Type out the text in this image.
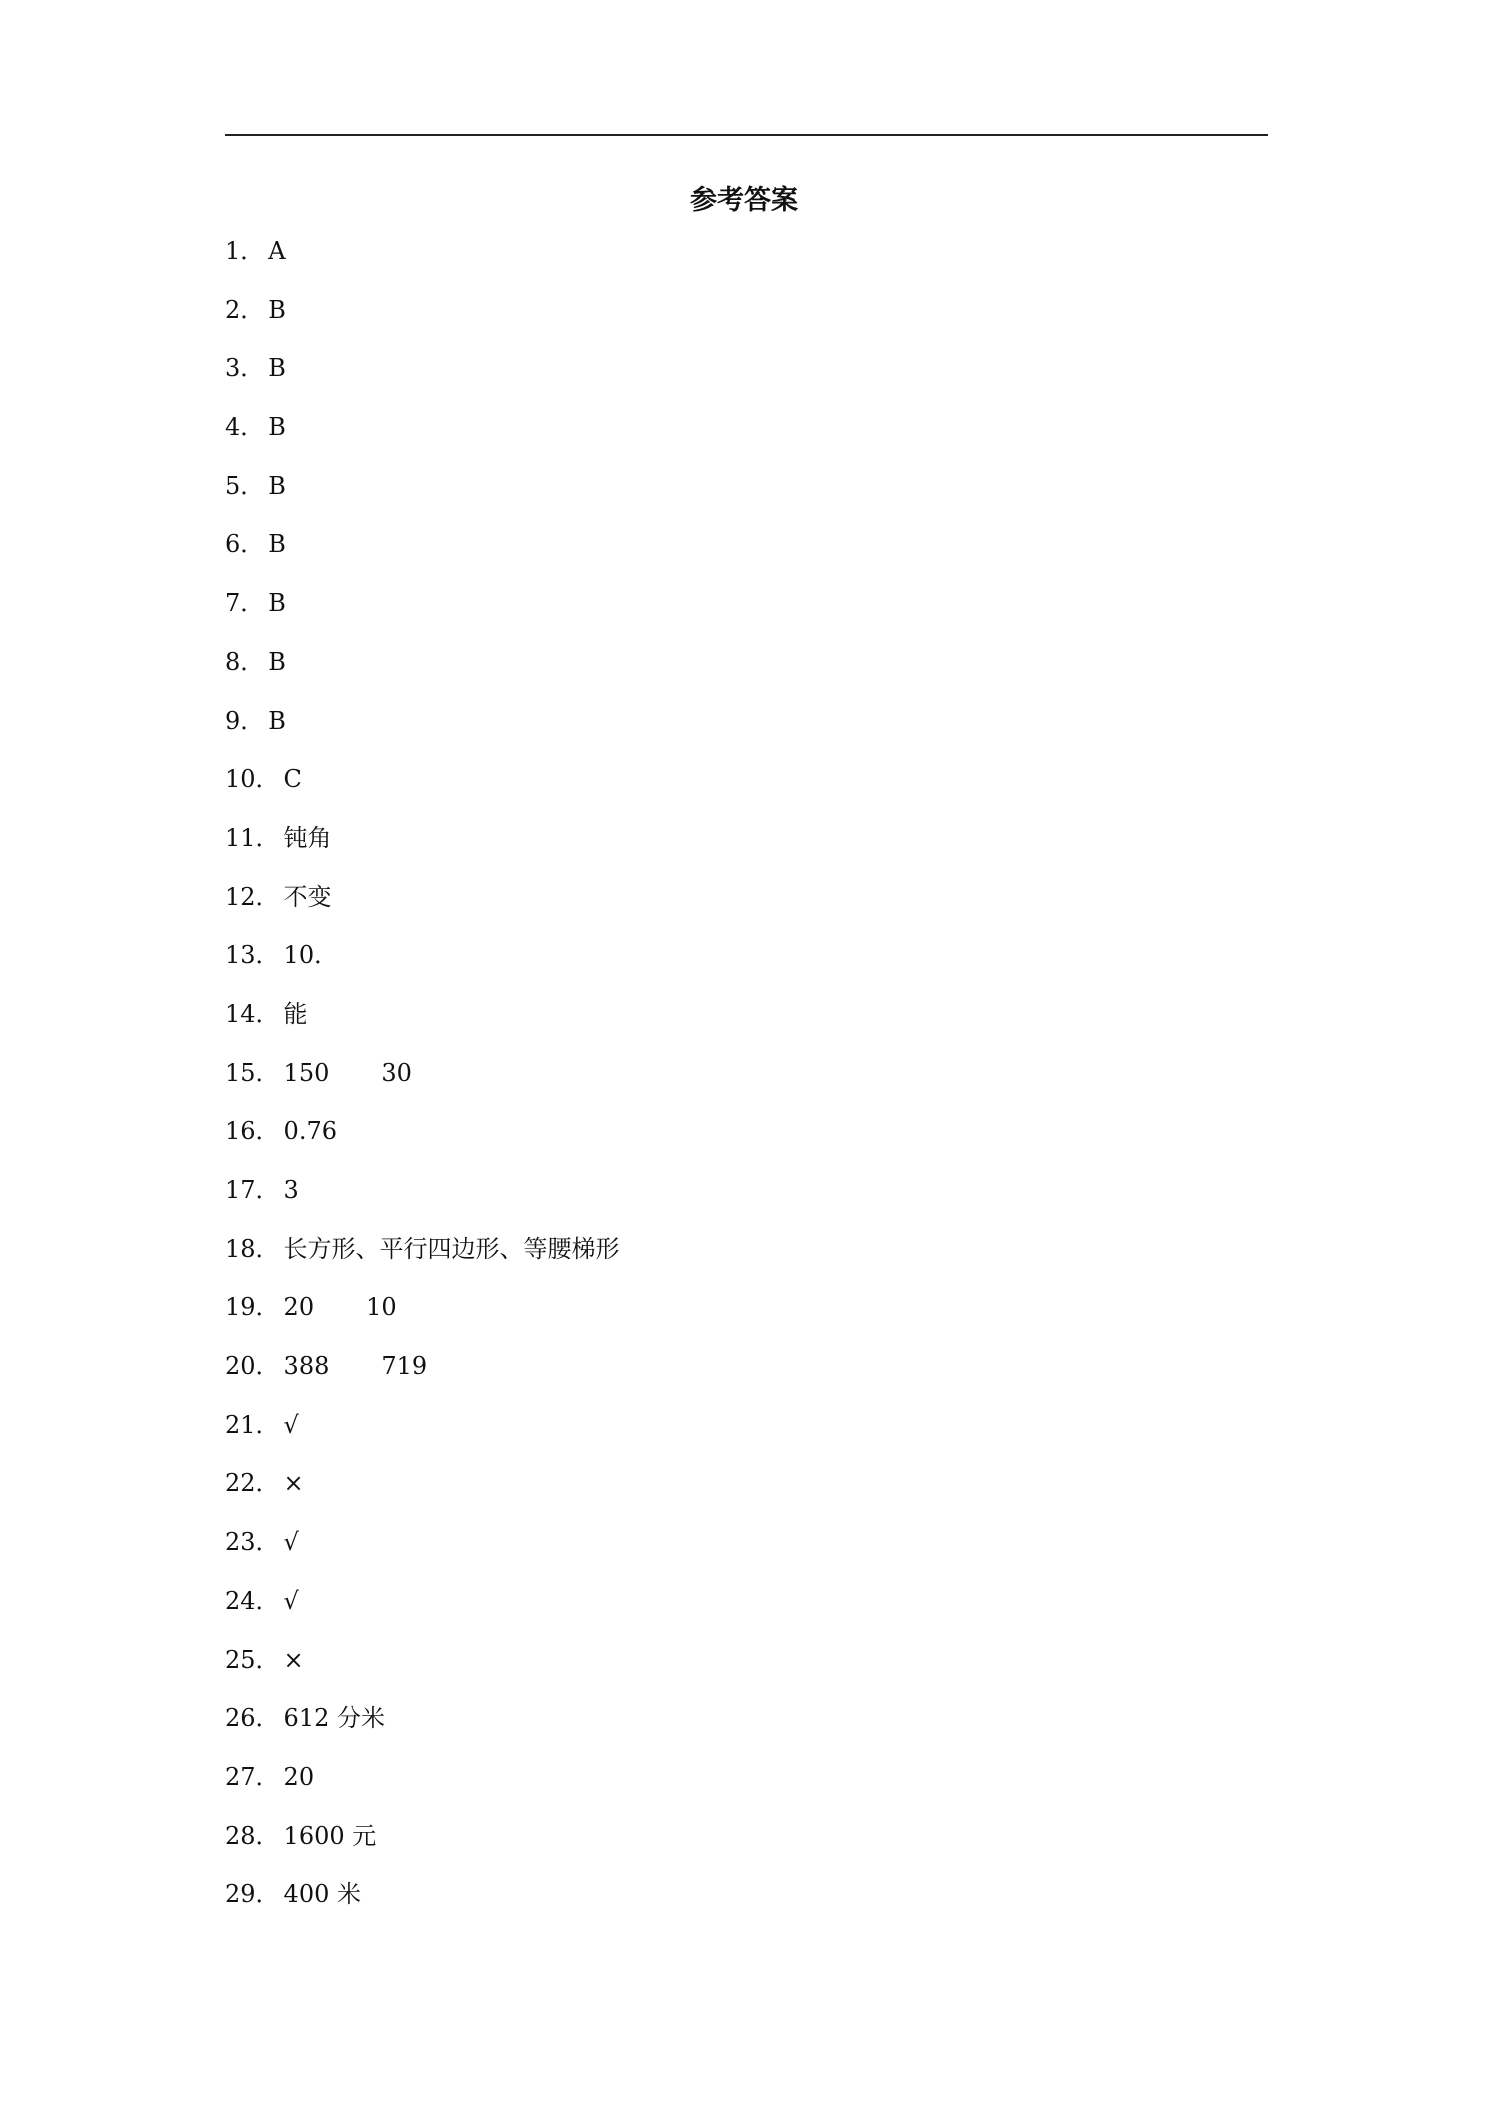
参考答案
1． A
2． B
3． B
4． B
5． B
6． B
7． B
8． B
9． B
10． C
11． 钝角
12． 不变
13． 10．
14． 能
15． 150 30
16． 0.76
17． 3
18． 长方形、平行四边形、等腰梯形
19． 20 10
20． 388 719
21． √
22． ×
23． √
24． √
25． ×
26． 612 分米
27． 20
28． 1600 元
29． 400 米
